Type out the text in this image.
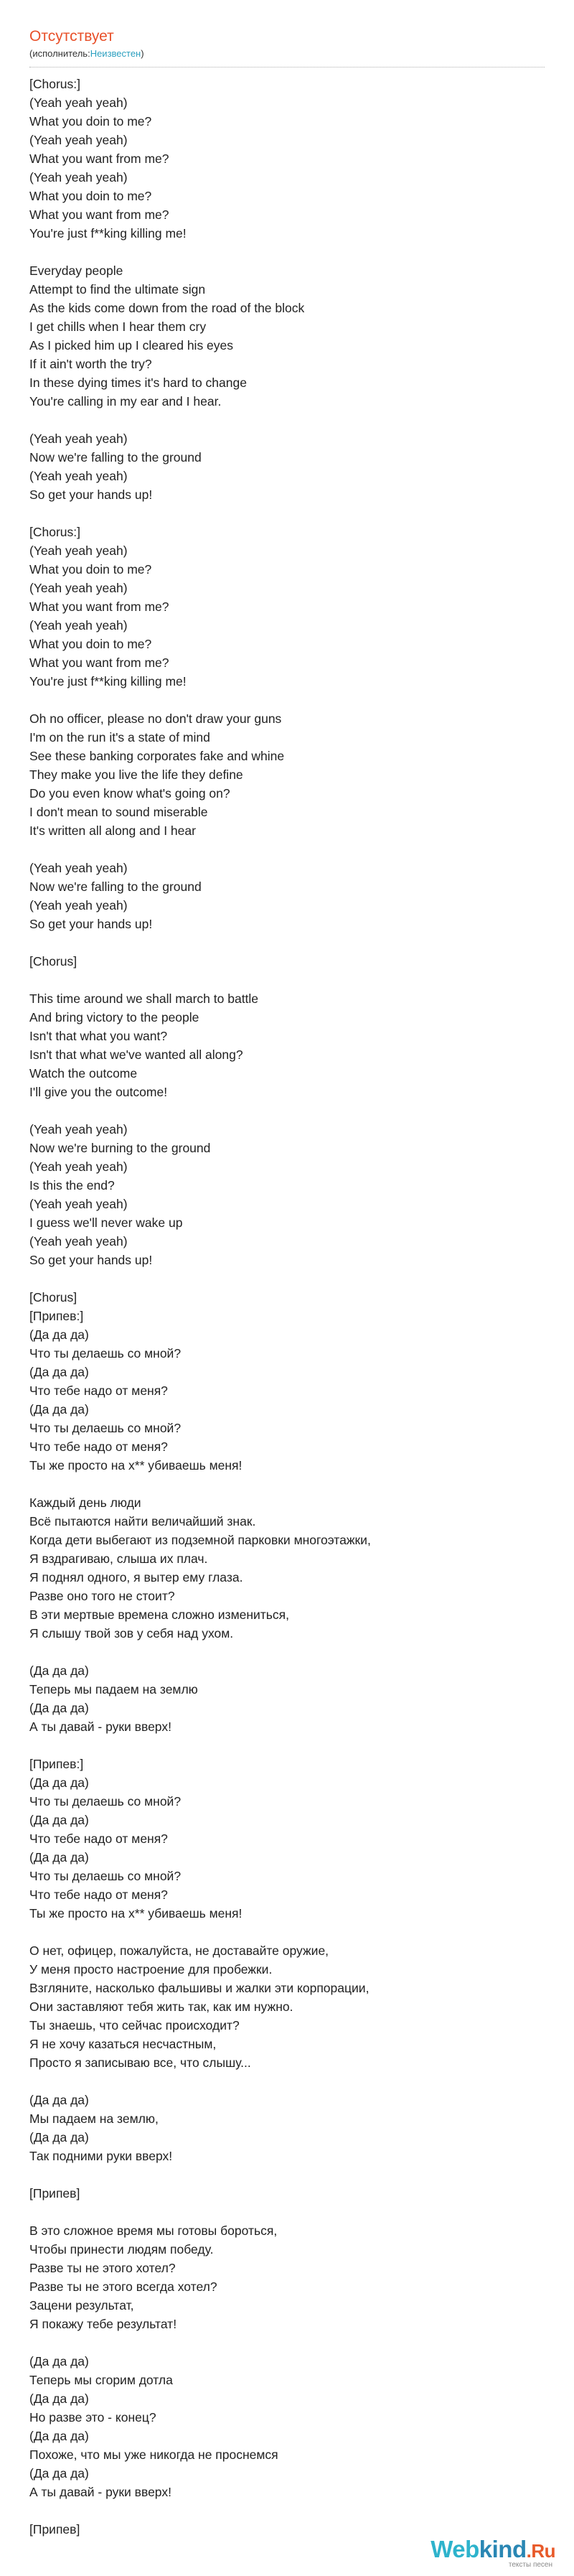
Отсутствует
(исполнитель:Неизвестен)
[Chorus:]
(Yeah yeah yeah)
What you doin to me?
(Yeah yeah yeah)
What you want from me?
(Yeah yeah yeah)
What you doin to me?
What you want from me?
You're just f**king killing me!
Everyday people
Attempt to find the ultimate sign
As the kids come down from the road of the block
I get chills when I hear them cry
As I picked him up I cleared his eyes
If it ain't worth the try?
In these dying times it's hard to change
You're calling in my ear and I hear.
(Yeah yeah yeah)
Now we're falling to the ground
(Yeah yeah yeah)
So get your hands up!
[Chorus:]
(Yeah yeah yeah)
What you doin to me?
(Yeah yeah yeah)
What you want from me?
(Yeah yeah yeah)
What you doin to me?
What you want from me?
You're just f**king killing me!
Oh no officer, please no don't draw your guns
I'm on the run it's a state of mind
See these banking corporates fake and whine
They make you live the life they define
Do you even know what's going on?
I don't mean to sound miserable
It's written all along and I hear
(Yeah yeah yeah)
Now we're falling to the ground
(Yeah yeah yeah)
So get your hands up!
[Chorus]
This time around we shall march to battle
And bring victory to the people
Isn't that what you want?
Isn't that what we've wanted all along?
Watch the outcome
I'll give you the outcome!
(Yeah yeah yeah)
Now we're burning to the ground
(Yeah yeah yeah)
Is this the end?
(Yeah yeah yeah)
I guess we'll never wake up
(Yeah yeah yeah)
So get your hands up!
[Chorus]
[Припев:]
(Да да да)
Что ты делаешь со мной?
(Да да да)
Что тебе надо от меня?
(Да да да)
Что ты делаешь со мной?
Что тебе надо от меня?
Ты же просто на х** убиваешь меня!
Каждый день люди
Всё пытаются найти величайший знак.
Когда дети выбегают из подземной парковки многоэтажки,
Я вздрагиваю, слыша их плач.
Я поднял одного, я вытер ему глаза.
Разве оно того не стоит?
В эти мертвые времена сложно измениться,
Я слышу твой зов у себя над ухом.
(Да да да)
Теперь мы падаем на землю
(Да да да)
А ты давай - руки вверх!
[Припев:]
(Да да да)
Что ты делаешь со мной?
(Да да да)
Что тебе надо от меня?
(Да да да)
Что ты делаешь со мной?
Что тебе надо от меня?
Ты же просто на х** убиваешь меня!
О нет, офицер, пожалуйста, не доставайте оружие,
У меня просто настроение для пробежки.
Взгляните, насколько фальшивы и жалки эти корпорации,
Они заставляют тебя жить так, как им нужно.
Ты знаешь, что сейчас происходит?
Я не хочу казаться несчастным,
Просто я записываю все, что слышу...
(Да да да)
Мы падаем на землю,
(Да да да)
Так подними руки вверх!
[Припев]
В это сложное время мы готовы бороться,
Чтобы принести людям победу.
Разве ты не этого хотел?
Разве ты не этого всегда хотел?
Зацени результат,
Я покажу тебе результат!
(Да да да)
Теперь мы сгорим дотла
(Да да да)
Но разве это - конец?
(Да да да)
Похоже, что мы уже никогда не проснемся
(Да да да)
А ты давай - руки вверх!
[Припев]
Webkind.Ru
тексты песен
